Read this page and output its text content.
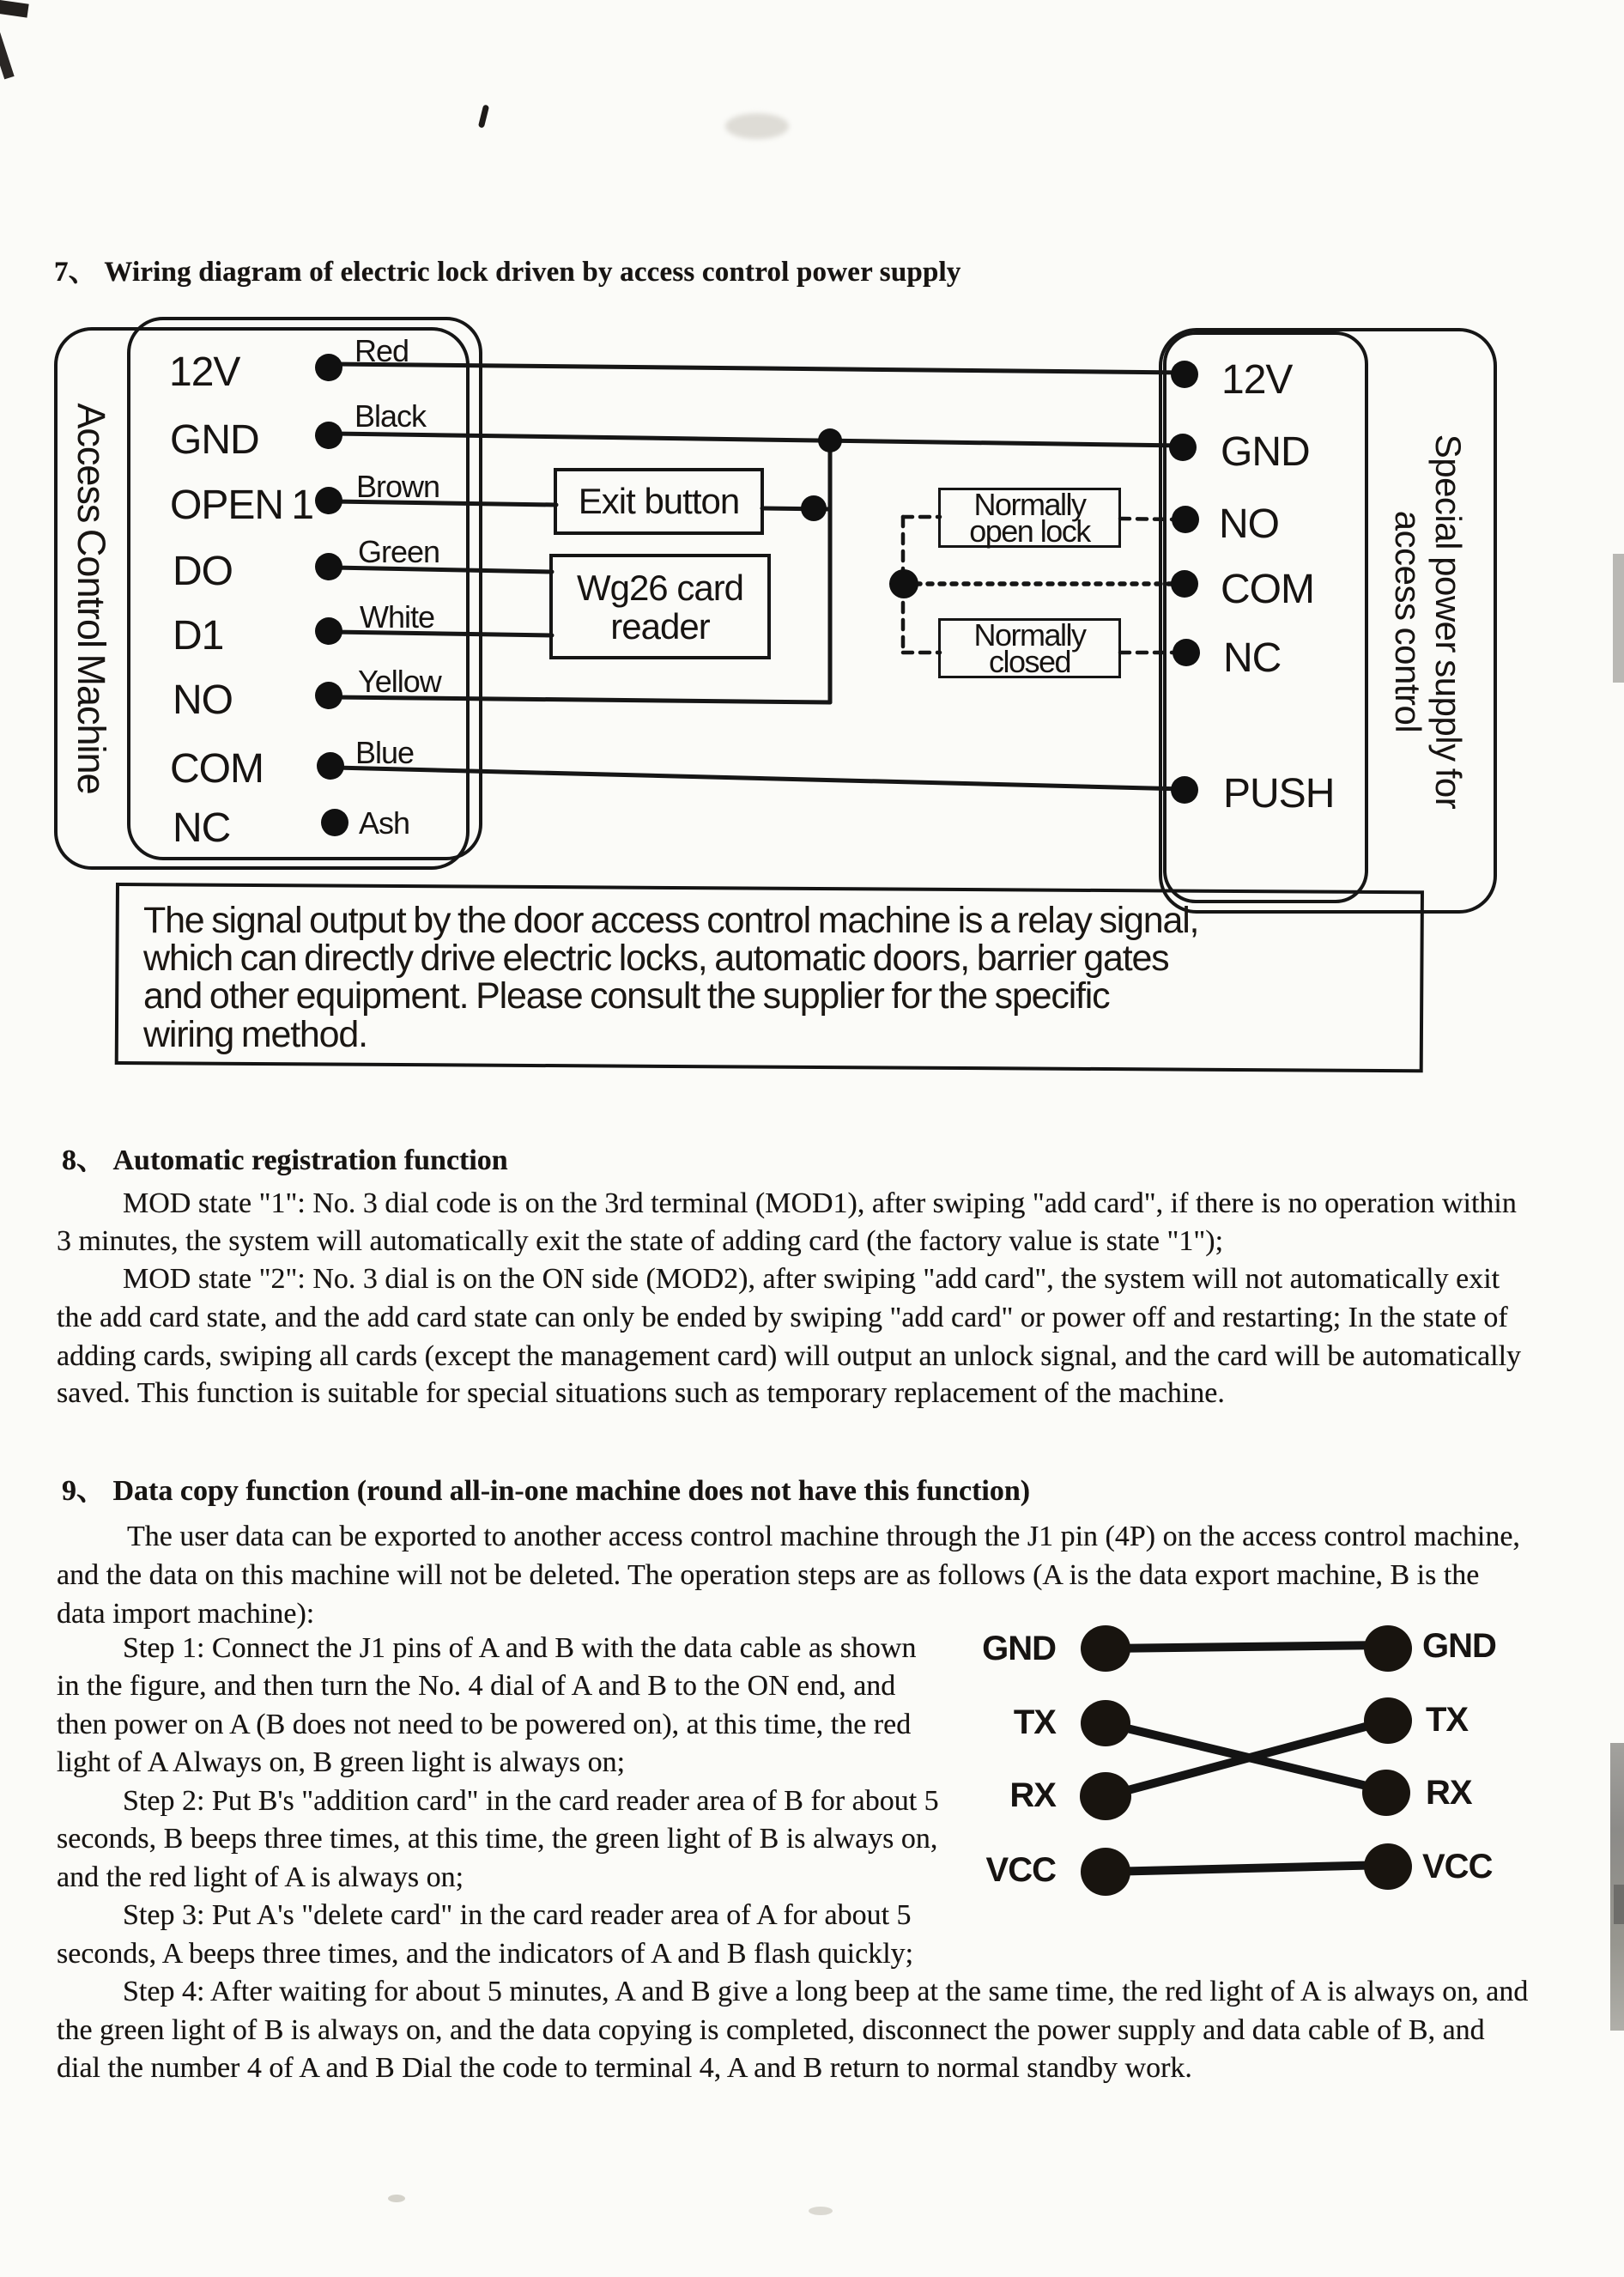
7、 Wiring diagram of electric lock driven by access control power supply
Access Control Machine
12V
GND
OPEN 1
DO
D1
NO
COM
NC
Red
Black
Brown
Green
White
Yellow
Blue
Ash
Exit button
Wg26 card
reader
Normally
open lock
Normally
closed
12V
GND
NO
COM
NC
PUSH	Special power supply for
access control
The signal output by the door access control machine is a relay signal,
which can directly drive electric locks, automatic doors, barrier gates
and other equipment. Please consult the supplier for the specific
wiring method.
8、 Automatic registration function
MOD state "1": No. 3 dial code is on the 3rd terminal (MOD1), after swiping "add card", if there is no operation within
3 minutes, the system will automatically exit the state of adding card (the factory value is state "1");
MOD state "2": No. 3 dial is on the ON side (MOD2), after swiping "add card", the system will not automatically exit
the add card state, and the add card state can only be ended by swiping "add card" or power off and restarting; In the state of
adding cards, swiping all cards (except the management card) will output an unlock signal, and the card will be automatically
saved. This function is suitable for special situations such as temporary replacement of the machine.
9、 Data copy function (round all-in-one machine does not have this function)
The user data can be exported to another access control machine through the J1 pin (4P) on the access control machine,
and the data on this machine will not be deleted. The operation steps are as follows (A is the data export machine, B is the
data import machine):
Step 1: Connect the J1 pins of A and B with the data cable as shown
in the figure, and then turn the No. 4 dial of A and B to the ON end, and
then power on A (B does not need to be powered on), at this time, the red
light of A Always on, B green light is always on;
Step 2: Put B's "addition card" in the card reader area of B for about 5
seconds, B beeps three times, at this time, the green light of B is always on,
and the red light of A is always on;
Step 3: Put A's "delete card" in the card reader area of A for about 5
seconds, A beeps three times, and the indicators of A and B flash quickly;
Step 4: After waiting for about 5 minutes, A and B give a long beep at the same time, the red light of A is always on, and
the green light of B is always on, and the data copying is completed, disconnect the power supply and data cable of B, and
dial the number 4 of A and B Dial the code to terminal 4, A and B return to normal standby work.
GND
TX
RX
VCC
GND
TX
RX
VCC
